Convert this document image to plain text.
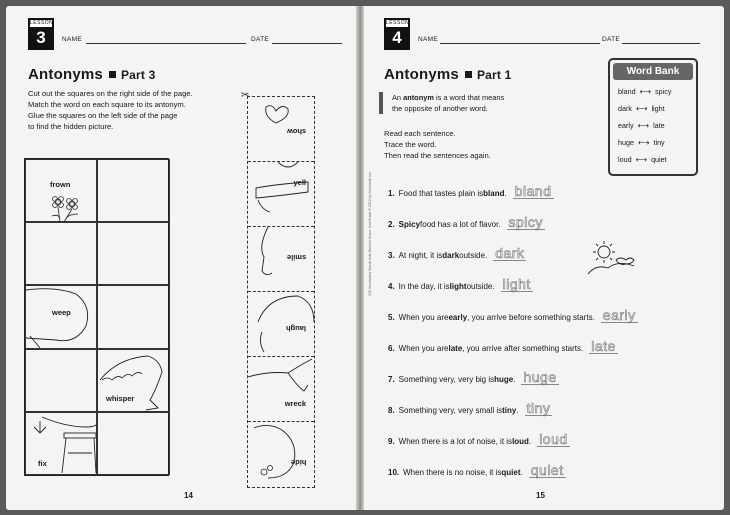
LESSON
3	NAME	DATE
Antonyms Part 3
Cut out the squares on the right side of the page.
Match the word on each square to its antonym.
Glue the squares on the left side of the page
to find the hidden picture.
frown
weep
whisper
fix
✂
show
yell
smile
laugh
wreck
hide
14
240 Vocabulary Words Kids Need to Know: 2nd Grade © 2012 by Scholastic Inc.
LESSON
4	NAME	DATE
Antonyms Part 1
An antonym is a word that means
the opposite of another word.
Read each sentence.
Trace the word.
Then read the sentences again.
Word Bank
bland ⟷ spicy
dark ⟷ light
early ⟷ late
huge ⟷ tiny
loud ⟷ quiet
1. Food that tastes plain is bland . bland
2. Spicy food has a lot of flavor. spicy
3. At night, it is dark outside. dark
4. In the day, it is light outside. light
5. When you are early , you arrive before something starts. early
6. When you are late , you arrive after something starts. late
7. Something very, very big is huge . huge
8. Something very, very small is tiny . tiny
9. When there is a lot of noise, it is loud . loud
10. When there is no noise, it is quiet . quiet
15
